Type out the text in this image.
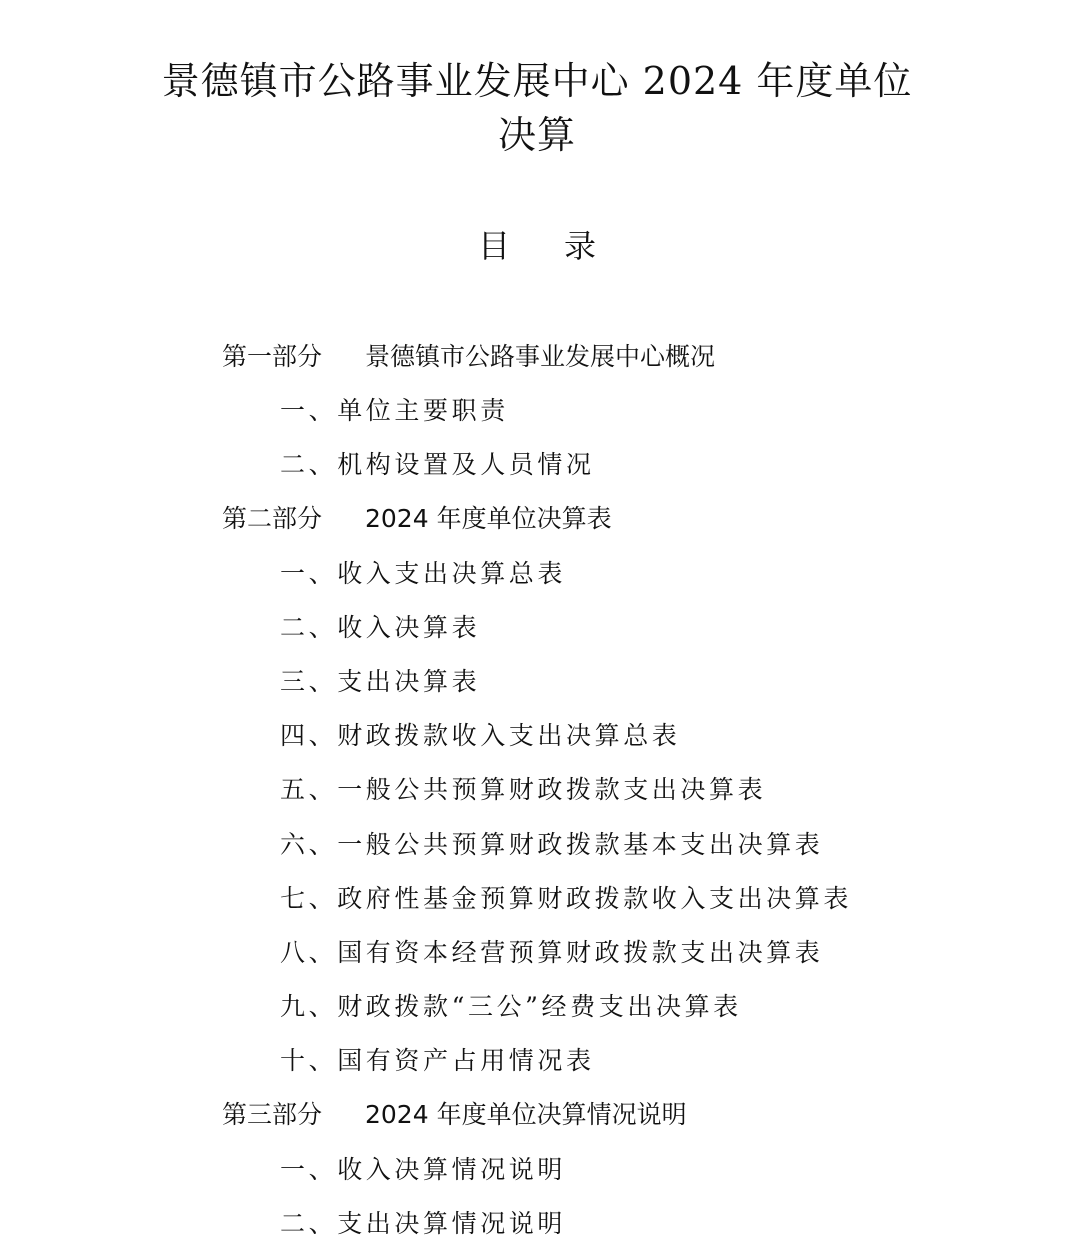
景德镇市公路事业发展中心 2024 年度单位
决算
目 录
第一部分 景德镇市公路事业发展中心概况
一、单位主要职责
二、机构设置及人员情况
第二部分 2024 年度单位决算表
一、收入支出决算总表
二、收入决算表
三、支出决算表
四、财政拨款收入支出决算总表
五、一般公共预算财政拨款支出决算表
六、一般公共预算财政拨款基本支出决算表
七、政府性基金预算财政拨款收入支出决算表
八、国有资本经营预算财政拨款支出决算表
九、财政拨款“三公”经费支出决算表
十、国有资产占用情况表
第三部分 2024 年度单位决算情况说明
一、收入决算情况说明
二、支出决算情况说明
